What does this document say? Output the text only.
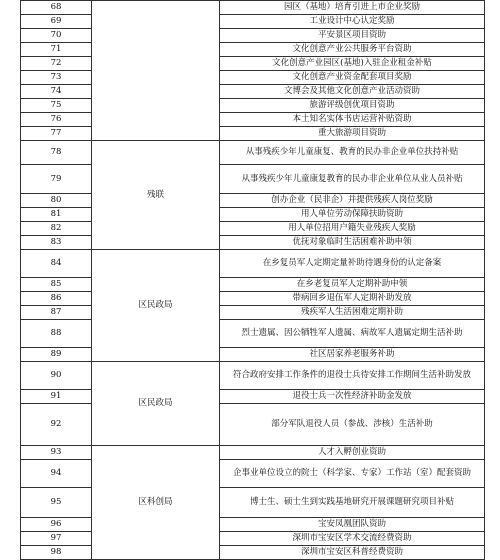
68		园区（基地）培育引进上市企业奖励
69		工业设计中心认定奖励
70		平安景区项目资助
71		文化创意产业公共服务平台资助
72		文化创意产业园区(基地)入驻企业租金补贴
73		文化创意产业资金配套项目奖励
74		文博会及其他文化创意产业活动资助
75		旅游评级创优项目资助
76		本土知名实体书店运营补贴资助
77		重大旅游项目资助
78	残联	从事残疾少年儿童康复、教育的民办非企业单位扶持补贴
79		从事残疾少年儿童康复教育的民办非企业单位从业人员补贴
80		创办企业（民非企）并提供残疾人岗位奖励
81		用人单位劳动保障扶助资助
82		用人单位招用户籍失业残疾人奖励
83		优抚对象临时生活困难补助申领
84	区民政局	在乡复员军人定期定量补助待遇身份的认定备案
85		在乡老复员军人定期补助申领
86		带病回乡退伍军人定期补助发放
87		残疾军人生活困难定期补助
88		烈士遗属、因公牺牲军人遗属、病故军人遗属定期生活补助
89		社区居家养老服务补助
90	区民政局	符合政府安排工作条件的退役士兵待安排工作期间生活补助发放
91		退役士兵一次性经济补助金发放
92		部分军队退役人员（参战、涉核）生活补助
93	区科创局	人才入孵创业资助
94		企事业单位设立的院士（科学家、专家）工作站（室）配套资助
95		博士生、硕士生到实践基地研究开展课题研究项目补贴
96		宝安凤凰团队资助
97		深圳市宝安区学术交流经费资助
98		深圳市宝安区科普经费资助
